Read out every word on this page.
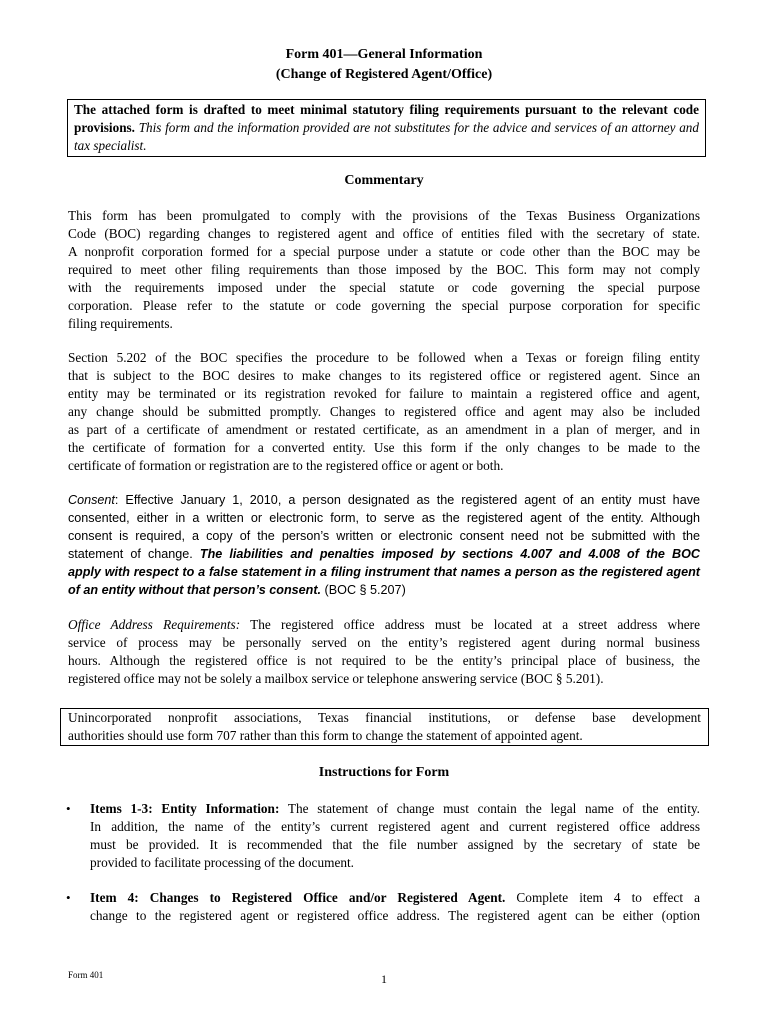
Form 401—General Information
(Change of Registered Agent/Office)
The attached form is drafted to meet minimal statutory filing requirements pursuant to the relevant code provisions. This form and the information provided are not substitutes for the advice and services of an attorney and tax specialist.
Commentary
This form has been promulgated to comply with the provisions of the Texas Business Organizations
Code (BOC) regarding changes to registered agent and office of entities filed with the secretary of state.
A nonprofit corporation formed for a special purpose under a statute or code other than the BOC may be
required to meet other filing requirements than those imposed by the BOC. This form may not comply
with the requirements imposed under the special statute or code governing the special purpose
corporation. Please refer to the statute or code governing the special purpose corporation for specific
filing requirements.
Section 5.202 of the BOC specifies the procedure to be followed when a Texas or foreign filing entity
that is subject to the BOC desires to make changes to its registered office or registered agent. Since an
entity may be terminated or its registration revoked for failure to maintain a registered office and agent,
any change should be submitted promptly. Changes to registered office and agent may also be included
as part of a certificate of amendment or restated certificate, as an amendment in a plan of merger, and in
the certificate of formation for a converted entity. Use this form if the only changes to be made to the
certificate of formation or registration are to the registered office or agent or both.
Consent: Effective January 1, 2010, a person designated as the registered agent of an entity must have
consented, either in a written or electronic form, to serve as the registered agent of the entity. Although
consent is required, a copy of the person’s written or electronic consent need not be submitted with the
statement of change. The liabilities and penalties imposed by sections 4.007 and 4.008 of the BOC
apply with respect to a false statement in a filing instrument that names a person as the registered agent
of an entity without that person’s consent. (BOC § 5.207)
Office Address Requirements: The registered office address must be located at a street address where
service of process may be personally served on the entity’s registered agent during normal business
hours. Although the registered office is not required to be the entity’s principal place of business, the
registered office may not be solely a mailbox service or telephone answering service (BOC § 5.201).
Unincorporated nonprofit associations, Texas financial institutions, or defense base development
authorities should use form 707 rather than this form to change the statement of appointed agent.
Instructions for Form
• Items 1-3: Entity Information: The statement of change must contain the legal name of the entity.
In addition, the name of the entity’s current registered agent and current registered office address
must be provided. It is recommended that the file number assigned by the secretary of state be
provided to facilitate processing of the document.
• Item 4: Changes to Registered Office and/or Registered Agent. Complete item 4 to effect a
change to the registered agent or registered office address. The registered agent can be either (option
Form 401	1
